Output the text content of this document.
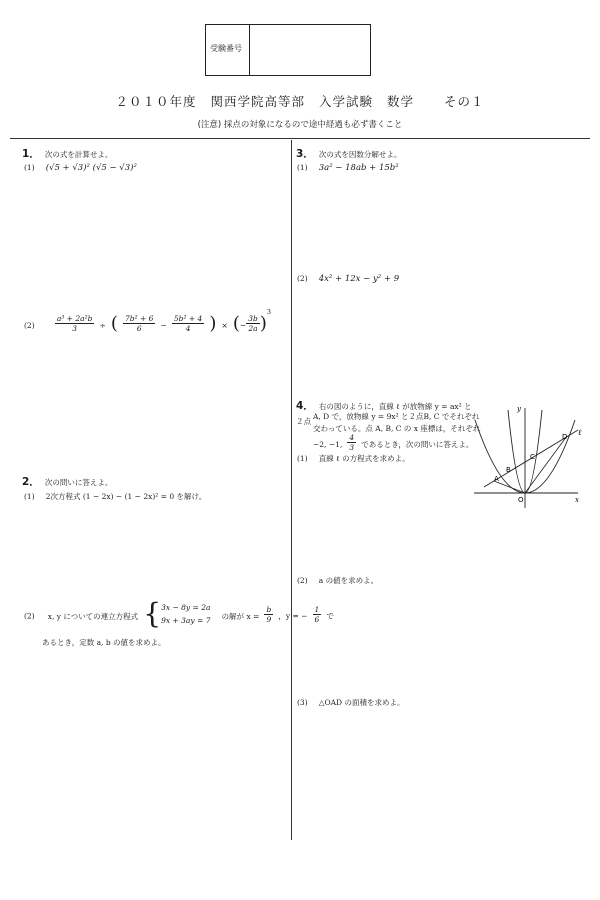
受験番号
２０１０年度 関西学院高等部 入学試験 数学 その１
(注意) 採点の対象になるので途中経過も必ず書くこと
1． 次の式を計算せよ。
(1) (√5 + √3)² (√5 − √3)²
(2)	$\frac{\text{a³ + 2a²b}}{3}$ ÷ ( $\frac{\text{7b² + 6}}{6} - \frac{\text{5b² + 4}}{4}$ ) × (− $\frac{3b}{2a} )^3$
2． 次の問いに答えよ。
(1) 2次方程式 (1 − 2x) − (1 − 2x)² = 0 を解け。
(2) x, y についての連立方程式 { 3x − 8y = 2a
9x + 3ay = 7 の解が $x = \frac{b}{9}$ ，y = − $\frac{1}{6}$ で
あるとき，定数 a, b の値を求めよ。
3． 次の式を因数分解せよ。
(1) 3a² − 18ab + 15b²
(2) 4x² + 12x − y² + 9
4． 右の図のように，直線 ℓ が放物線 y = ax² と２点 A, D で，放物線 y = 9x² と２点B, C でそれぞれ
交わっている。点 A, B, C の x 座標は，それぞれ
−2, −1, $\frac{4}{3}$ であるとき，次の問いに答えよ。
(1) 直線 ℓ の方程式を求めよ。
(2) a の値を求めよ。
(3) △OAD の面積を求めよ。
x
y
O
A
B
C
D ℓ
